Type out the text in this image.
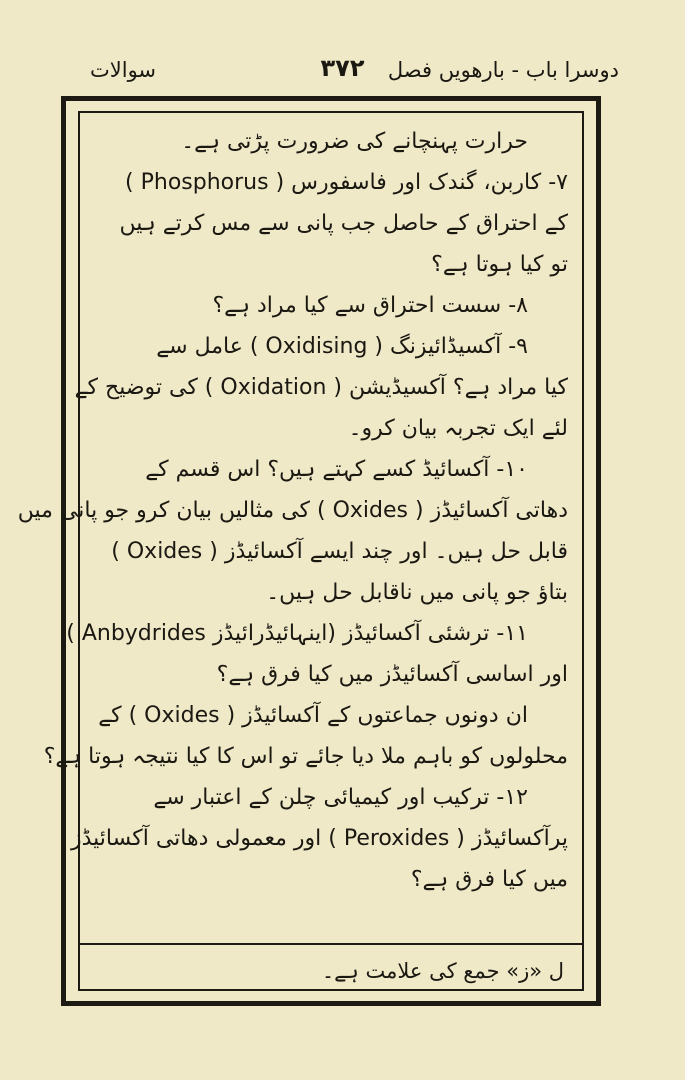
دوسرا باب - بارھویں فصل
۳۷۲
سوالات
حرارت پہنچانے کی ضرورت پڑتی ہے۔
۷- کاربن، گندک اور فاسفورس ( Phosphorus )
کے احتراق کے حاصل جب پانی سے مس کرتے ہیں
تو کیا ہوتا ہے؟
۸- سست احتراق سے کیا مراد ہے؟
۹- آکسیڈائیزنگ ( Oxidising ) عامل سے
کیا مراد ہے؟ آکسیڈیشن ( Oxidation ) کی توضیح کے
لئے ایک تجربہ بیان کرو۔
۱۰- آکسائیڈ کسے کہتے ہیں؟ اس قسم کے
دھاتی آکسائیڈز ( Oxides ) کی مثالیں بیان کرو جو پانی میں
قابل حل ہیں۔ اور چند ایسے آکسائیڈز ( Oxides )
بتاؤ جو پانی میں ناقابل حل ہیں۔
۱۱- ترشئی آکسائیڈز (اینہائیڈرائیڈز Anbydrides )
اور اساسی آکسائیڈز میں کیا فرق ہے؟
ان دونوں جماعتوں کے آکسائیڈز ( Oxides ) کے
محلولوں کو باہم ملا دیا جائے تو اس کا کیا نتیجہ ہوتا ہے؟
۱۲- ترکیب اور کیمیائی چلن کے اعتبار سے
پرآکسائیڈز ( Peroxides ) اور معمولی دھاتی آکسائیڈز
میں کیا فرق ہے؟
ل «ز» جمع کی علامت ہے۔
